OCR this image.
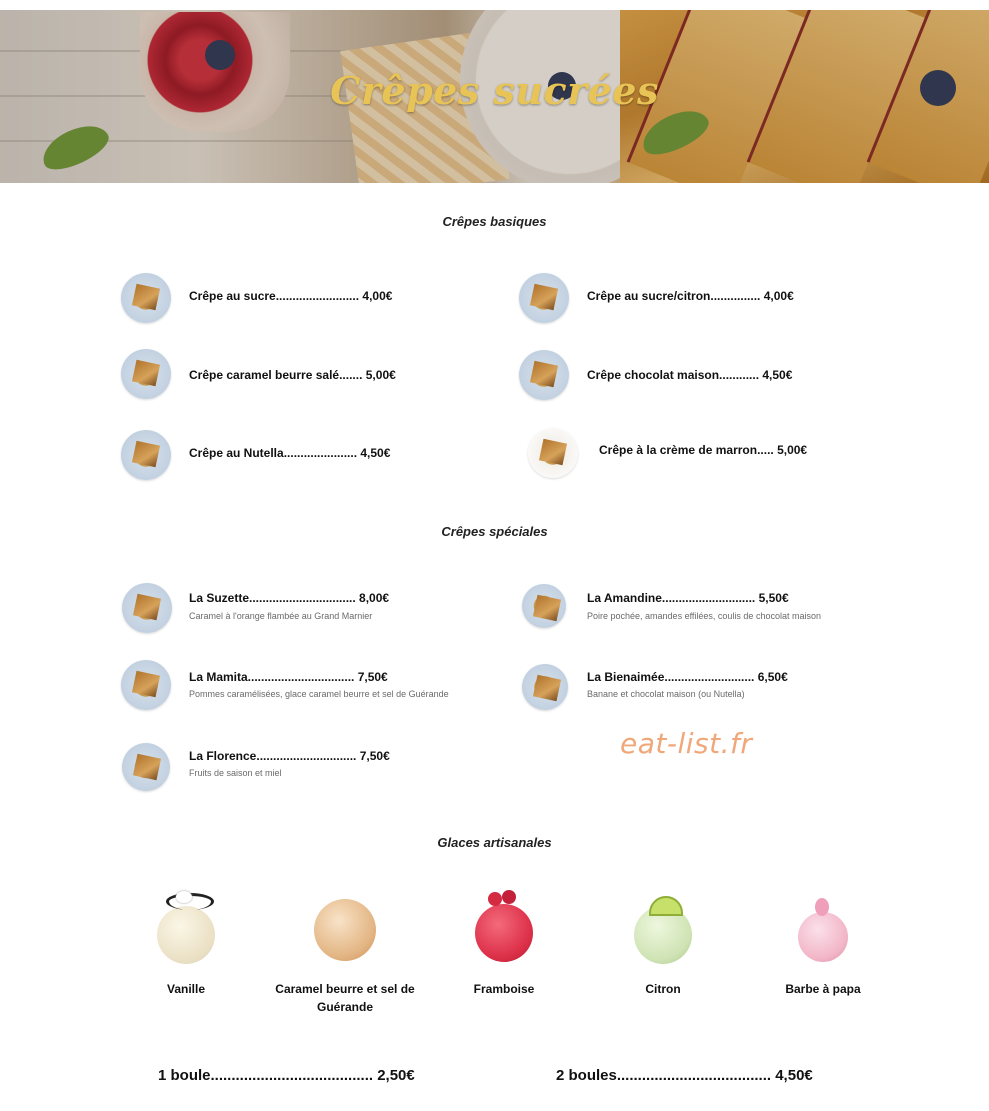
Crêpes sucrées
Crêpes basiques
Crêpe au sucre......................... 4,00€	Crêpe au sucre/citron............... 4,00€
Crêpe caramel beurre salé....... 5,00€	Crêpe chocolat maison............ 4,50€
Crêpe au Nutella...................... 4,50€	Crêpe à la crème de marron..... 5,00€
Crêpes spéciales
La Suzette................................ 8,00€
Caramel à l'orange flambée au Grand Marnier
La Amandine............................ 5,50€
Poire pochée, amandes effilées, coulis de chocolat maison
La Mamita................................ 7,50€
Pommes caramélisées, glace caramel beurre et sel de Guérande
La Bienaimée........................... 6,50€
Banane et chocolat maison (ou Nutella)
La Florence.............................. 7,50€
Fruits de saison et miel
eat-list.fr
Glaces artisanales
Vanille	Caramel beurre et sel de Guérande
Framboise	Citron	Barbe à papa
1 boule....................................... 2,50€	2 boules..................................... 4,50€
